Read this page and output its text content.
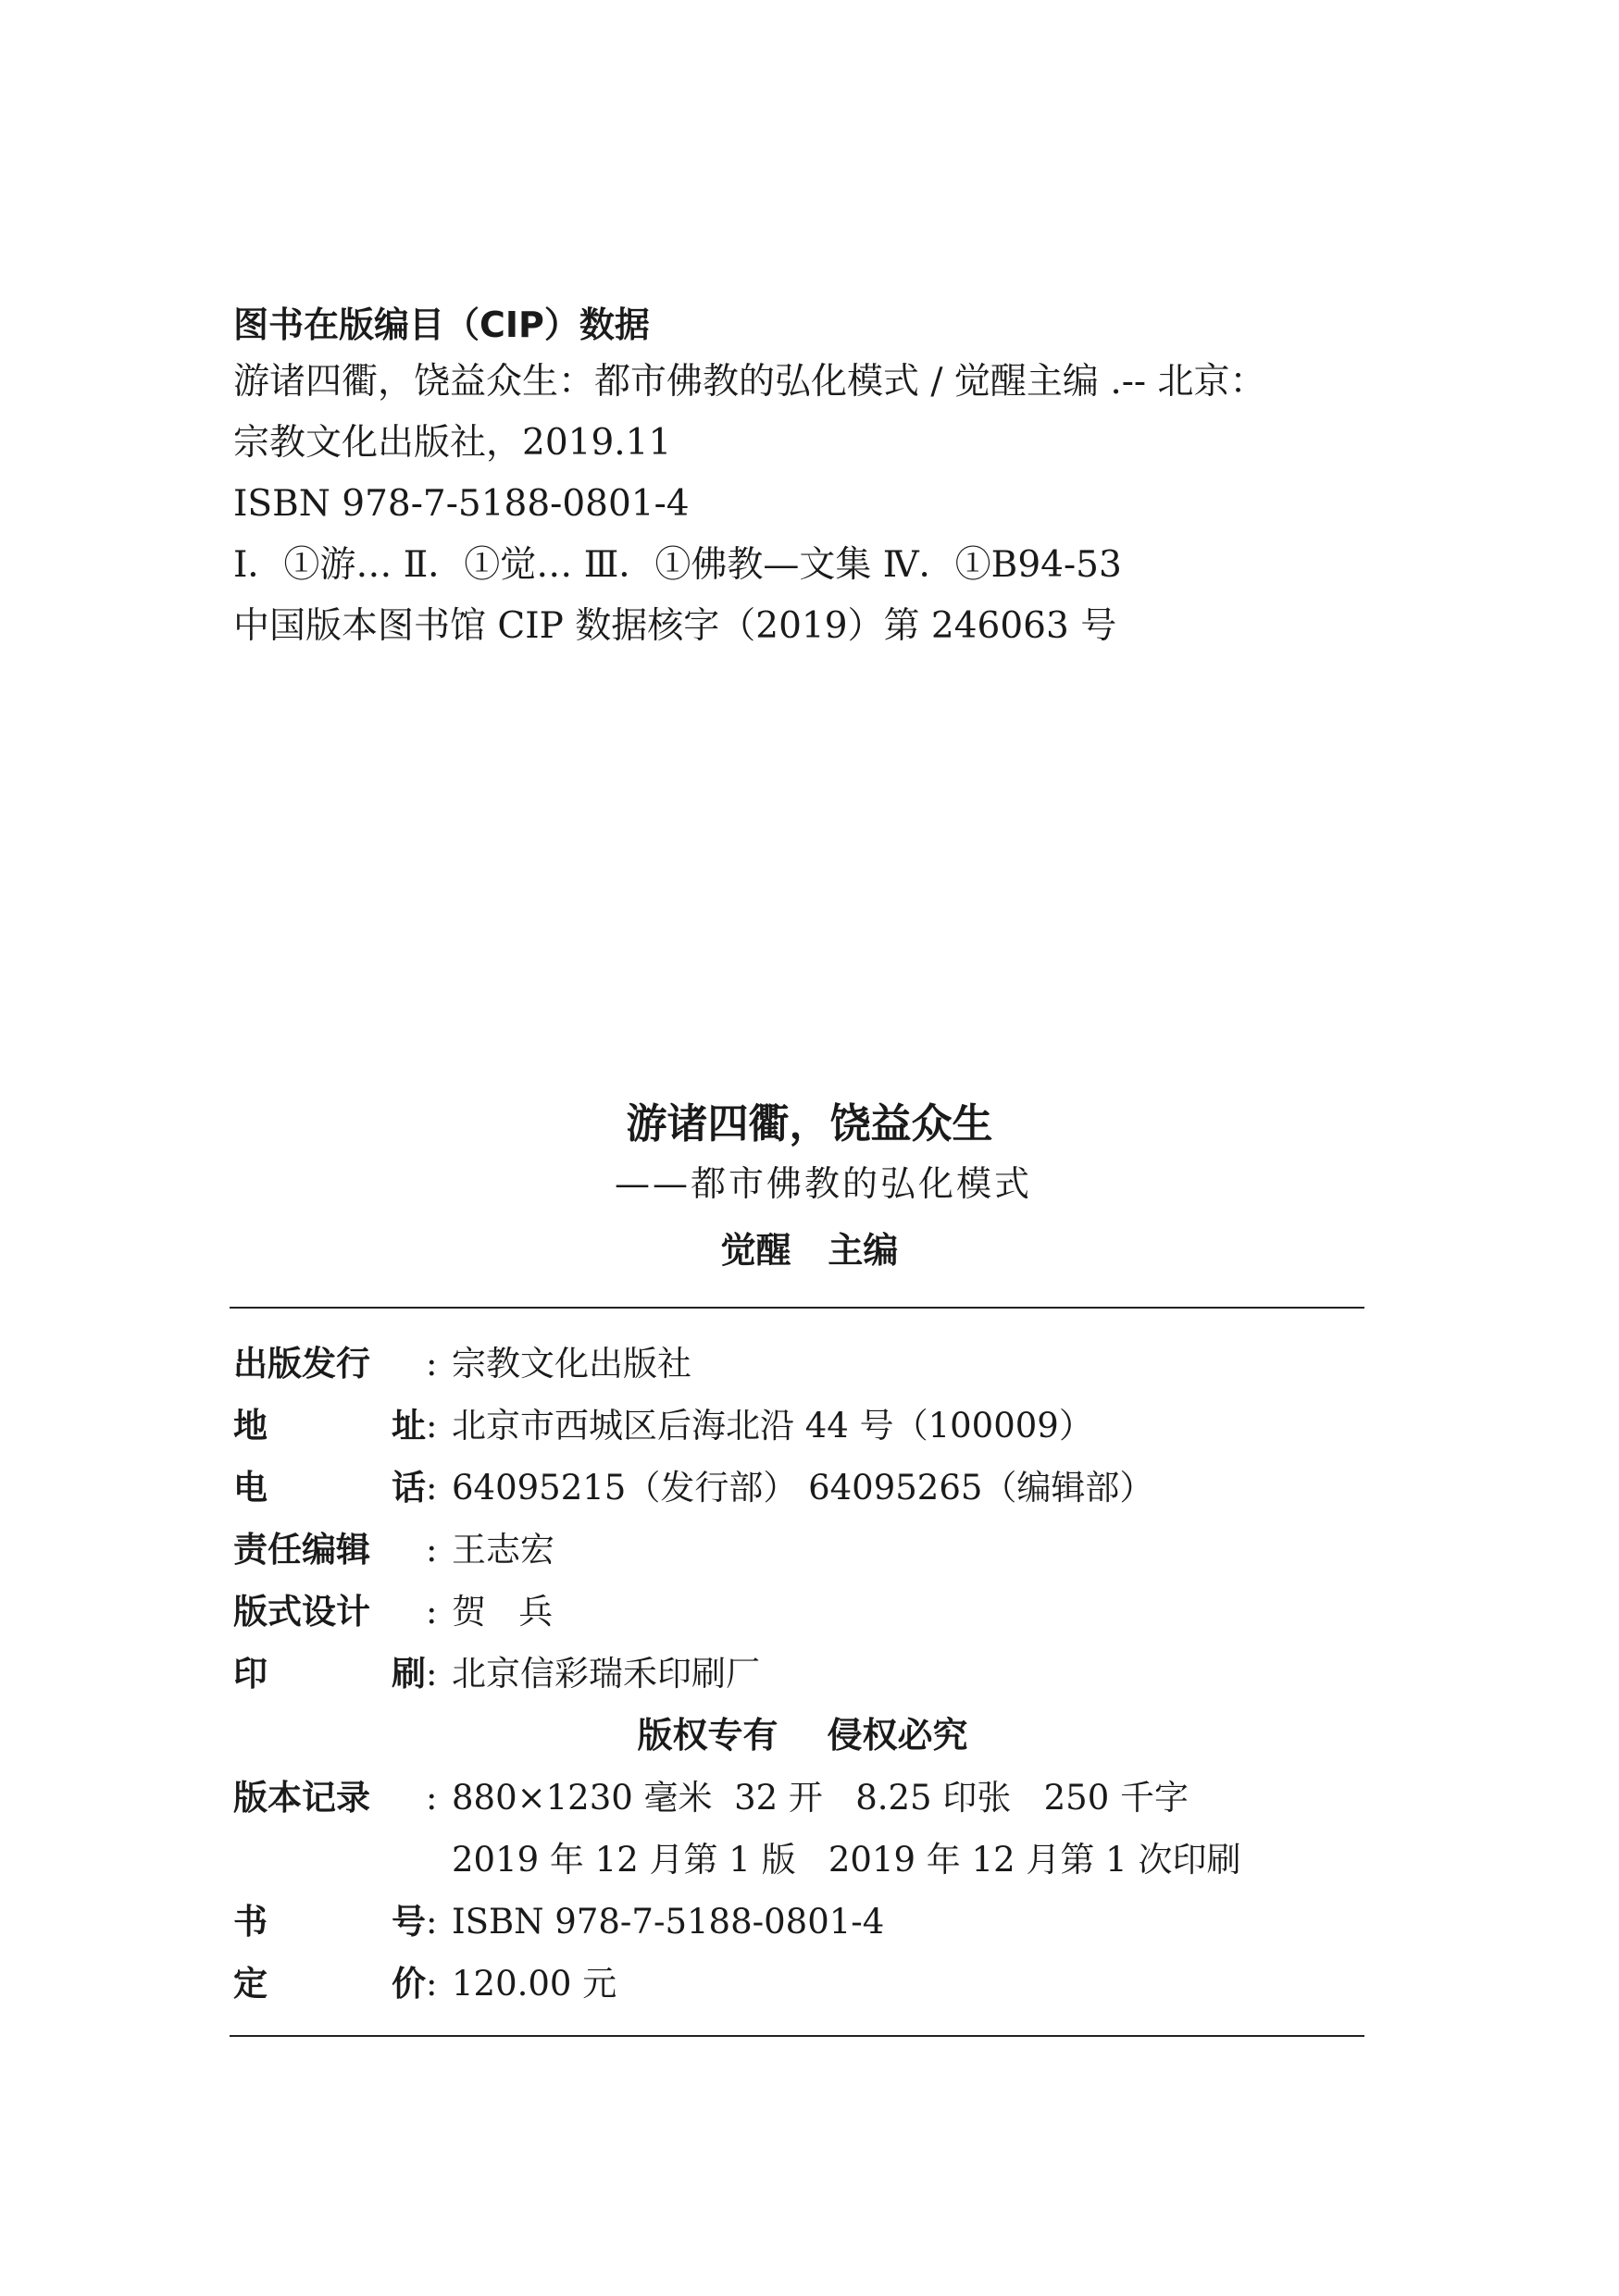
图书在版编目（CIP）数据
游诸四衢，饶益众生：都市佛教的弘化模式 / 觉醒主编 .-- 北京：
宗教文化出版社，2019.11
ISBN 978-7-5188-0801-4
Ⅰ．①游… Ⅱ．①觉… Ⅲ．①佛教—文集 Ⅳ．①B94-53
中国版本图书馆 CIP 数据核字（2019）第 246063 号
游诸四衢，饶益众生
——都市佛教的弘化模式
觉醒   主编
出版发行 : 宗教文化出版社
地	址 : 北京市西城区后海北沿 44 号（100009）
电	话 : 64095215（发行部） 64095265（编辑部）
责任编辑 : 王志宏
版式设计 : 贺   兵
印	刷 : 北京信彩瑞禾印刷厂
版权专有    侵权必究
版本记录 : 880×1230 毫米  32 开   8.25 印张   250 千字
2019 年 12 月第 1 版   2019 年 12 月第 1 次印刷
书	号 : ISBN 978-7-5188-0801-4
定	价 : 120.00 元
